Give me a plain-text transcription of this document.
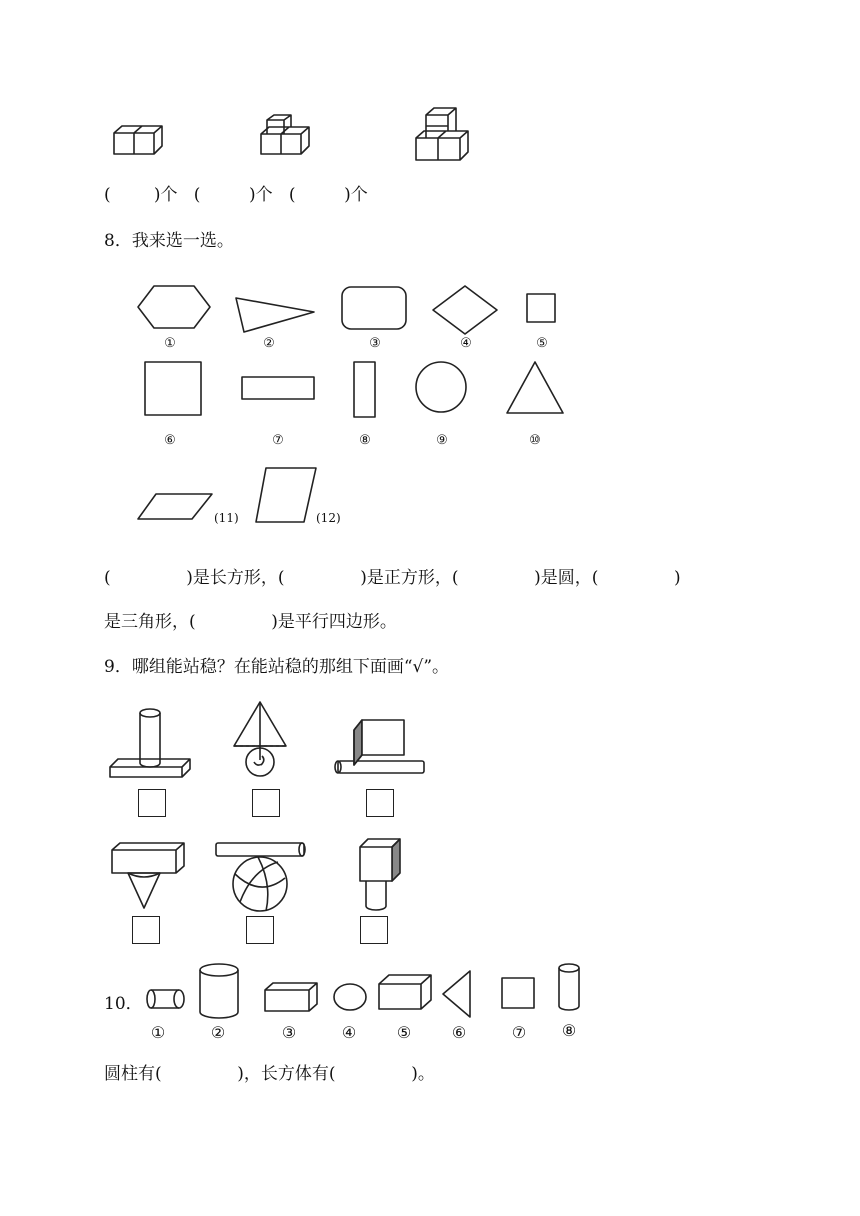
(        )个   (         )个   (         )个
8．我来选一选。
①	②	③	④	⑤
⑥	⑦	⑧	⑨	⑩
(11)	(12)
(              )是长方形，(              )是正方形，(              )是圆，(              )
是三角形，(              )是平行四边形。
9．哪组能站稳？在能站稳的那组下面画“√”。
10．
①	②	③	④	⑤	⑥	⑦	⑧
圆柱有(              )，长方体有(              )。
